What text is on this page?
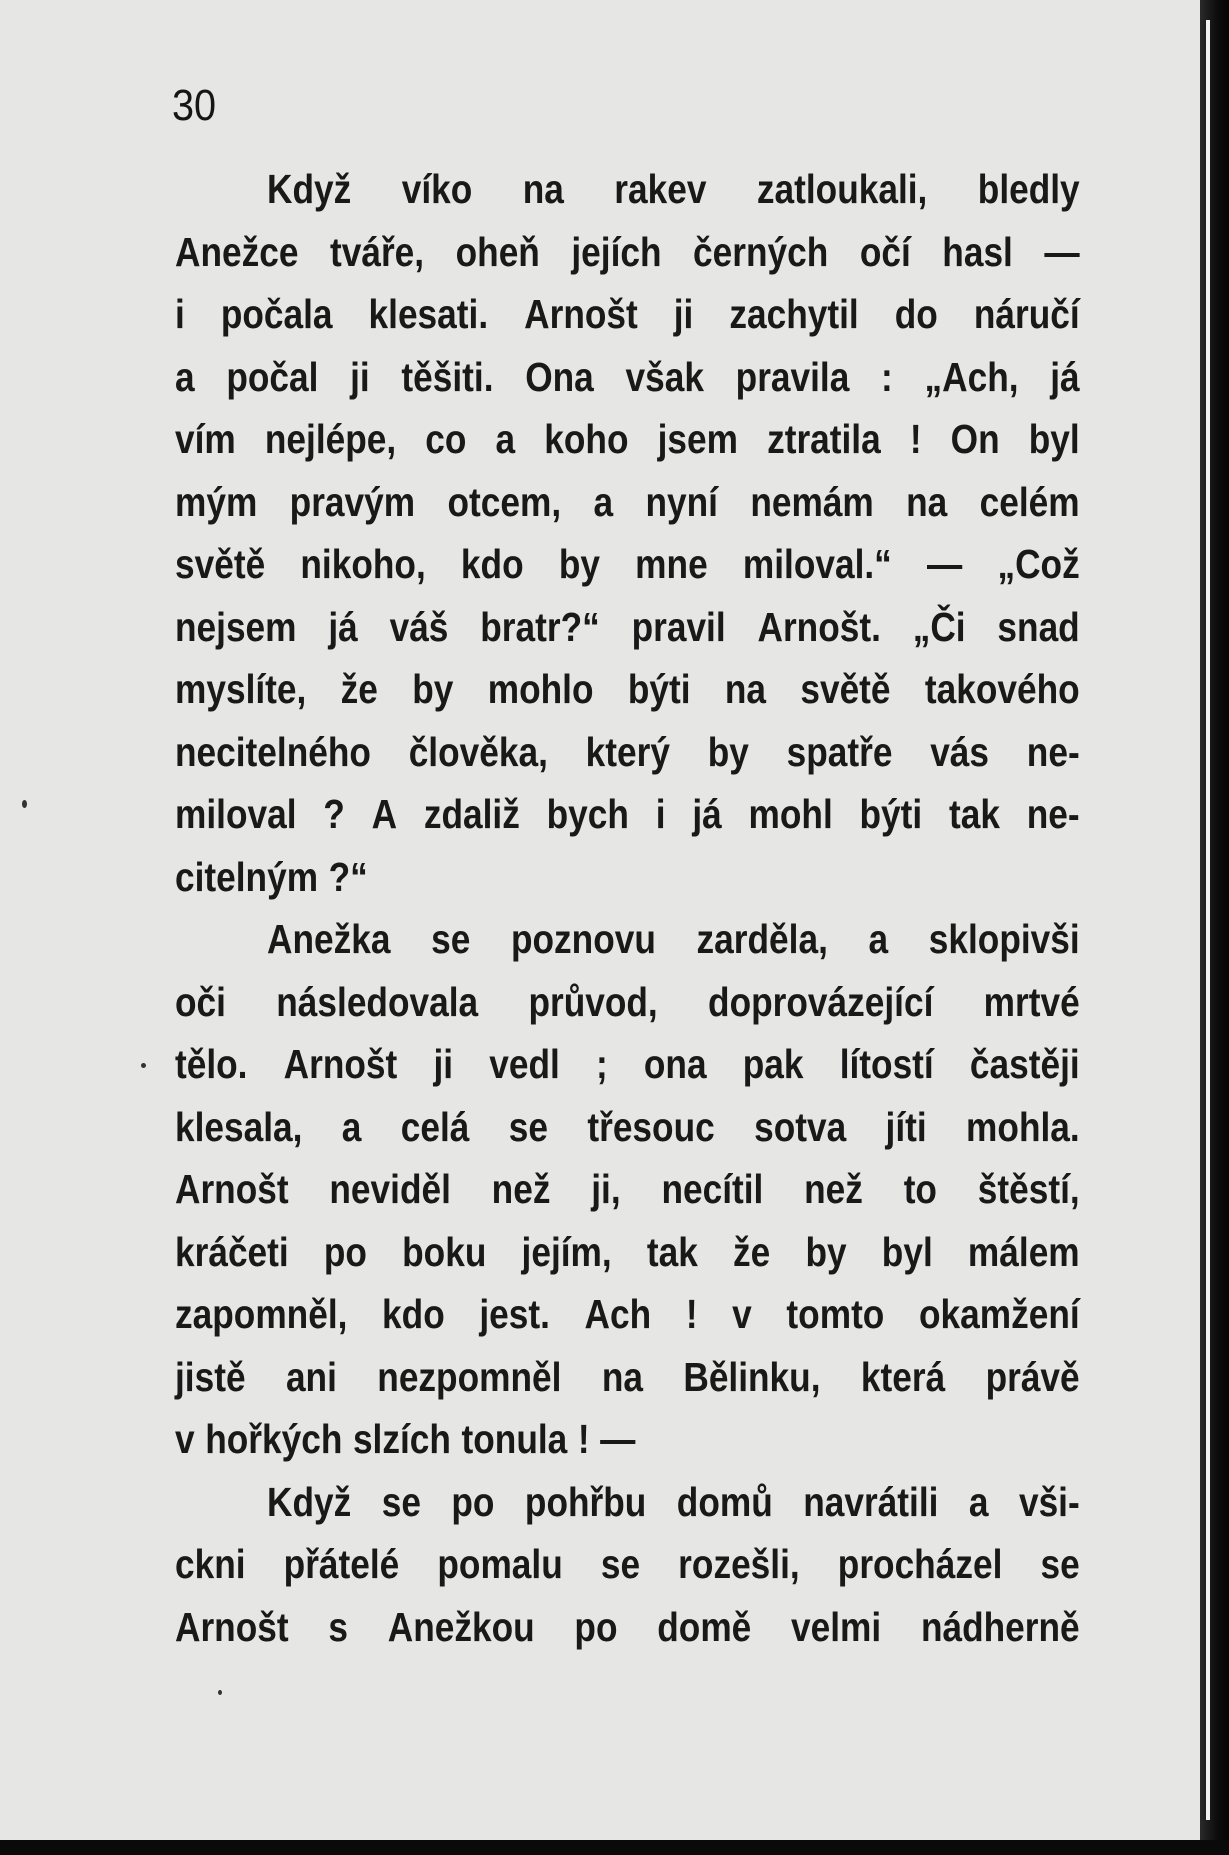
30
Když víko na rakev zatloukali, bledly
Anežce tváře, oheň jejích černých očí hasl —
i počala klesati. Arnošt ji zachytil do náručí
a počal ji těšiti. Ona však pravila : „Ach, já
vím nejlépe, co a koho jsem ztratila ! On byl
mým pravým otcem, a nyní nemám na celém
světě nikoho, kdo by mne miloval.“ — „Což
nejsem já váš bratr?“ pravil Arnošt. „Či snad
myslíte, že by mohlo býti na světě takového
necitelného člověka, který by spatře vás ne-
miloval ? A zdaliž bych i já mohl býti tak ne-
citelným ?“
Anežka se poznovu zarděla, a sklopivši
oči následovala průvod, doprovázející mrtvé
tělo. Arnošt ji vedl ; ona pak lítostí častěji
klesala, a celá se třesouc sotva jíti mohla.
Arnošt neviděl než ji, necítil než to štěstí,
kráčeti po boku jejím, tak že by byl málem
zapomněl, kdo jest. Ach ! v tomto okamžení
jistě ani nezpomněl na Bělinku, která právě
v hořkých slzích tonula ! —
Když se po pohřbu domů navrátili a vši-
ckni přátelé pomalu se rozešli, procházel se
Arnošt s Anežkou po domě velmi nádherně
